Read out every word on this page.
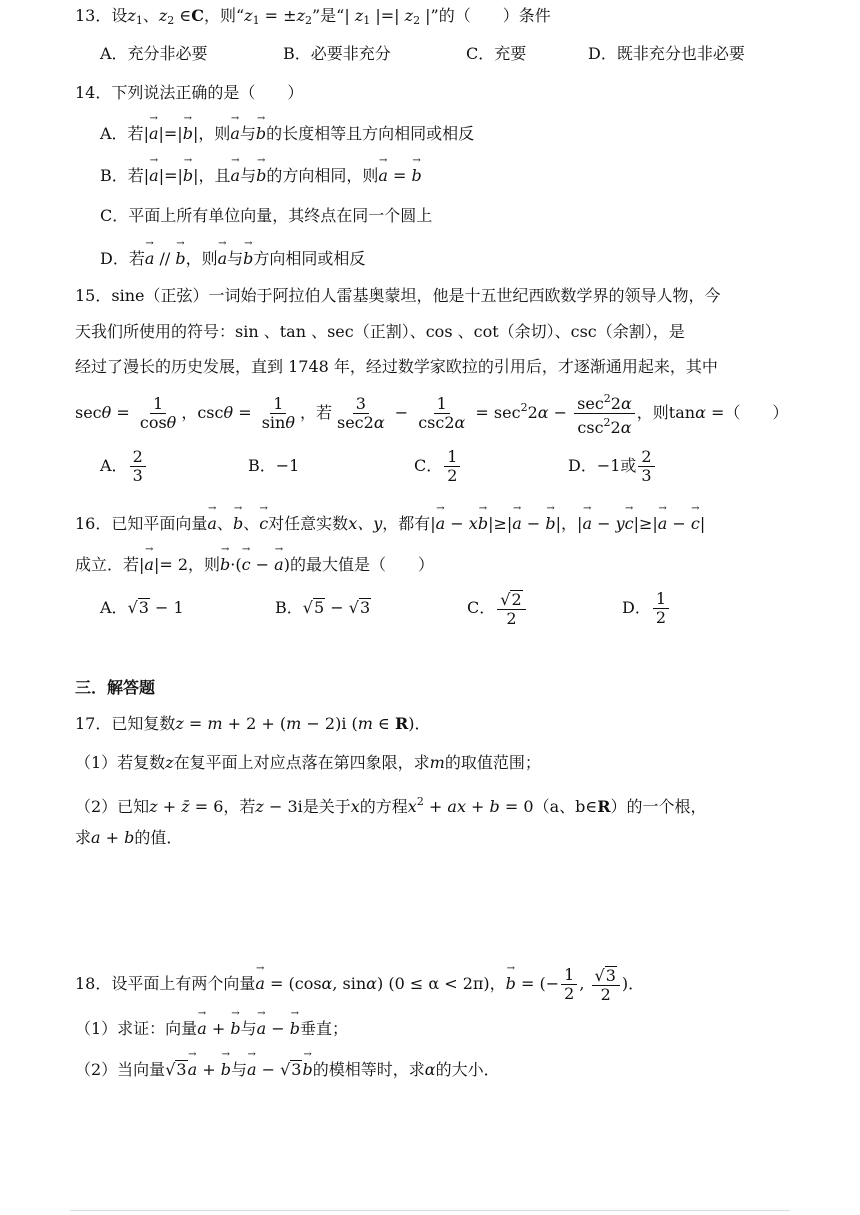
13．设$z_1$、$z_2$ ∈C，则“$z_1 = \pm z_2$”是“| $z_1$ |=| $z_2$ |”的（　　）条件
A．充分非必要	B．必要非充分	C．充要	D．既非充分也非必要
14．下列说法正确的是（　　）
A．若|→ a|=|→ b|，则→ a与→ b的长度相等且方向相同或相反
B．若|→ a|=|→ b|，且→ a与→ b的方向相同，则→ a = → b
C．平面上所有单位向量，其终点在同一个圆上
D．若→ a // → b，则→ a与→ b方向相同或相反
15．sine（正弦）一词始于阿拉伯人雷基奥蒙坦，他是十五世纪西欧数学界的领导人物，今
天我们所使用的符号：sin 、tan 、sec（正割）、cos 、cot（余切）、csc（余割），是
经过了漫长的历史发展，直到 1748 年，经过数学家欧拉的引用后，才逐渐通用起来，其中
$\sec\theta = \frac{1}{\cos\theta}$ ，$\csc\theta = \frac{1}{\sin\theta}$ ，若 $\frac{3}{\sec 2\alpha} - \frac{1}{\csc 2\alpha} = \sec^22\alpha - \frac{\sec^22\alpha}{\csc^22\alpha}$ ，则tanα =（　　）
A． $\frac{2}{3}$	B．−1	C． $\frac{1}{2}$	D．−1或 $\frac{2}{3}$
16．已知平面向量→ a、→ b、→ c对任意实数x、y，都有|→ a − x→ b|≥|→ a − → b|，|→ a − y→ c|≥|→ a − → c|
成立．若|→ a|= 2，则→ b·(→ c − → a)的最大值是（　　）
A．√3 − 1	B．√5 − √3	C． $\frac{√2}{2}$	D． $\frac{1}{2}$
三．解答题
17．已知复数z = m + 2 + (m − 2)i (m ∈ R)．
（1）若复数z在复平面上对应点落在第四象限，求m的取值范围；
（2）已知z + z̄ = 6，若z − 3i是关于x的方程$x^2$ + ax + b = 0（a、b∈R）的一个根，
求a + b的值．
18．设平面上有两个向量→ a = (cosα, sinα) (0 ≤ α < 2π)，→ b = (− $\frac{1}{2}$ , $\frac{√3}{2}$ )．
（1）求证：向量→ a + → b与→ a − → b垂直；
（2）当向量√3→ a + → b与→ a − √3→ b的模相等时，求α的大小．
